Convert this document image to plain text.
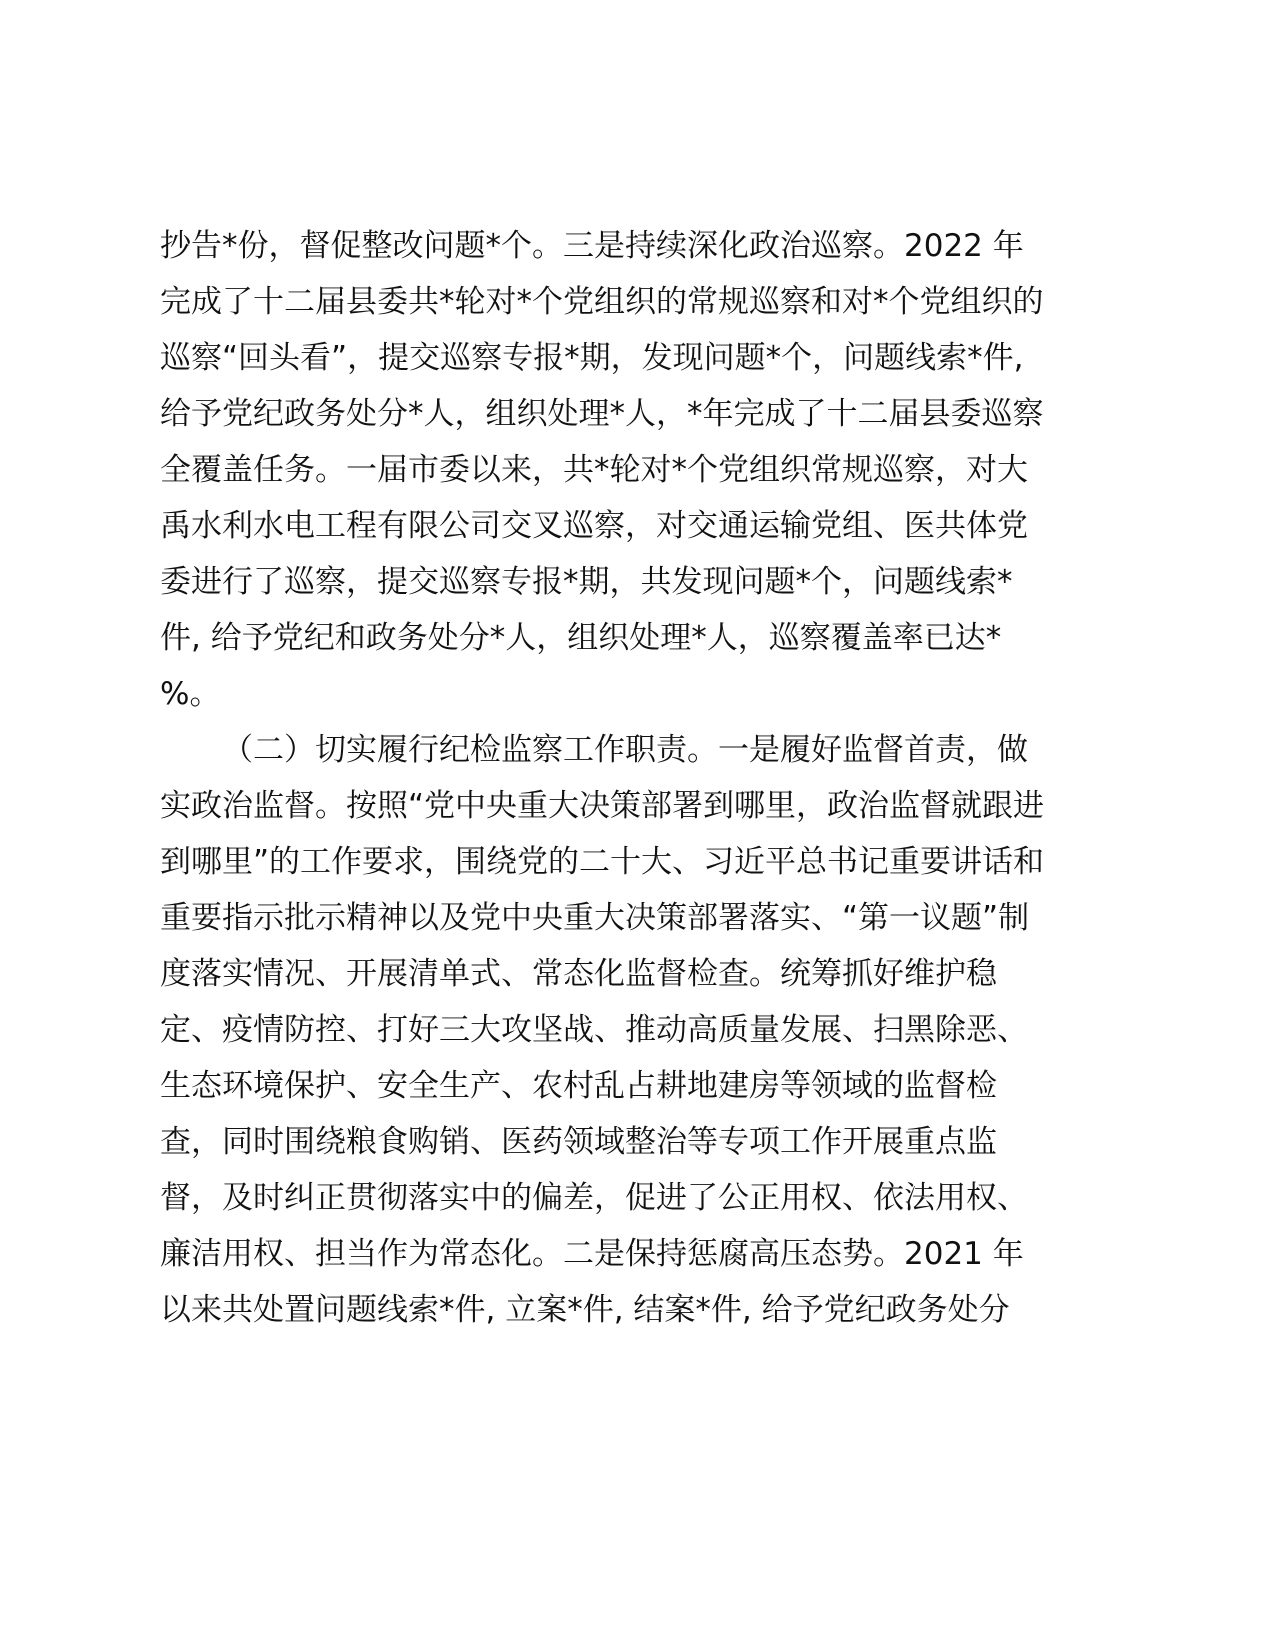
抄告*份，督促整改问题*个。三是持续深化政治巡察。2022 年
完成了十二届县委共*轮对*个党组织的常规巡察和对*个党组织的
巡察“回头看”，提交巡察专报*期，发现问题*个，问题线索*件,
给予党纪政务处分*人，组织处理*人，*年完成了十二届县委巡察
全覆盖任务。一届市委以来，共*轮对*个党组织常规巡察，对大
禹水利水电工程有限公司交叉巡察，对交通运输党组、医共体党
委进行了巡察，提交巡察专报*期，共发现问题*个，问题线索*
件, 给予党纪和政务处分*人，组织处理*人，巡察覆盖率已达*
%。
（二）切实履行纪检监察工作职责。一是履好监督首责，做
实政治监督。按照“党中央重大决策部署到哪里，政治监督就跟进
到哪里”的工作要求，围绕党的二十大、习近平总书记重要讲话和
重要指示批示精神以及党中央重大决策部署落实、“第一议题”制
度落实情况、开展清单式、常态化监督检查。统筹抓好维护稳
定、疫情防控、打好三大攻坚战、推动高质量发展、扫黑除恶、
生态环境保护、安全生产、农村乱占耕地建房等领域的监督检
查，同时围绕粮食购销、医药领域整治等专项工作开展重点监
督，及时纠正贯彻落实中的偏差，促进了公正用权、依法用权、
廉洁用权、担当作为常态化。二是保持惩腐高压态势。2021 年
以来共处置问题线索*件, 立案*件, 结案*件, 给予党纪政务处分
